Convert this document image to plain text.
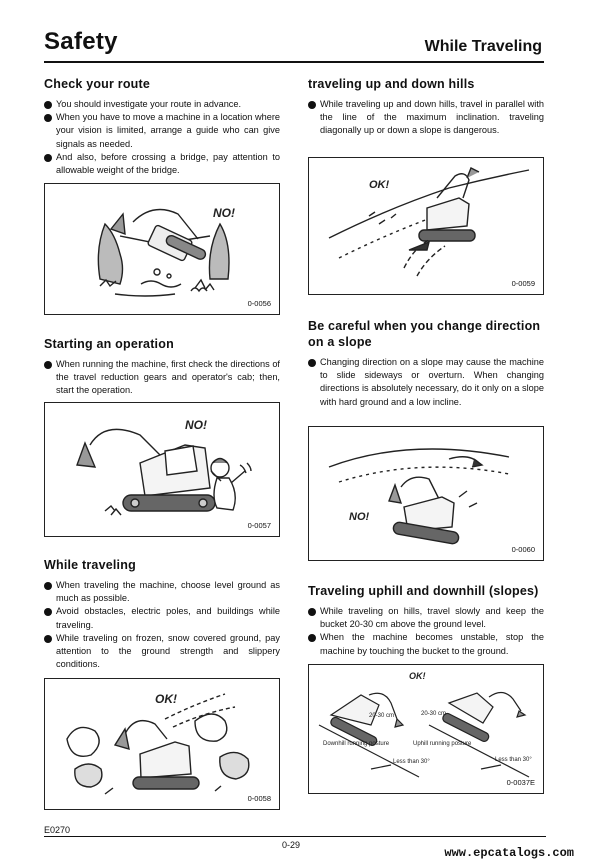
Safety	While Traveling
Check your route
You should investigate your route in advance.
When you have to move a machine in a location where your vision is limited, arrange a guide who can give signals as needed.
And also, before crossing a bridge, pay attention to allowable weight of the bridge.
NO!
0-0056
Starting an operation
When running the machine, first check the directions of the travel reduction gears and operator's cab; then, start the operation.
NO!
0-0057
While traveling
When traveling the machine, choose level ground as much as possible.
Avoid obstacles, electric poles, and buildings while traveling.
While traveling on frozen, snow covered ground, pay attention to the ground strength and slippery conditions.
OK!
0-0058
traveling up and down hills
While traveling up and down hills, travel in parallel with the line of the maximum inclination. traveling diagonally up or down a slope is dangerous.
OK!
0-0059
Be careful when you change direction on a slope
Changing direction on a slope may cause the machine to slide sideways or overturn. When changing directions is absolutely necessary, do it only on a slope with hard ground and a low incline.
NO!
0-0060
Traveling uphill and downhill (slopes)
While traveling on hills, travel slowly and keep the bucket 20-30 cm above the ground level.
When the machine becomes unstable, stop the machine by touching the bucket to the ground.
OK!
20-30 cm	20-30 cm
Downhill running posture	Uphill running posture
Less than 30°	Less than 30°
0-0037E
E0270
0-29
www.epcatalogs.com
